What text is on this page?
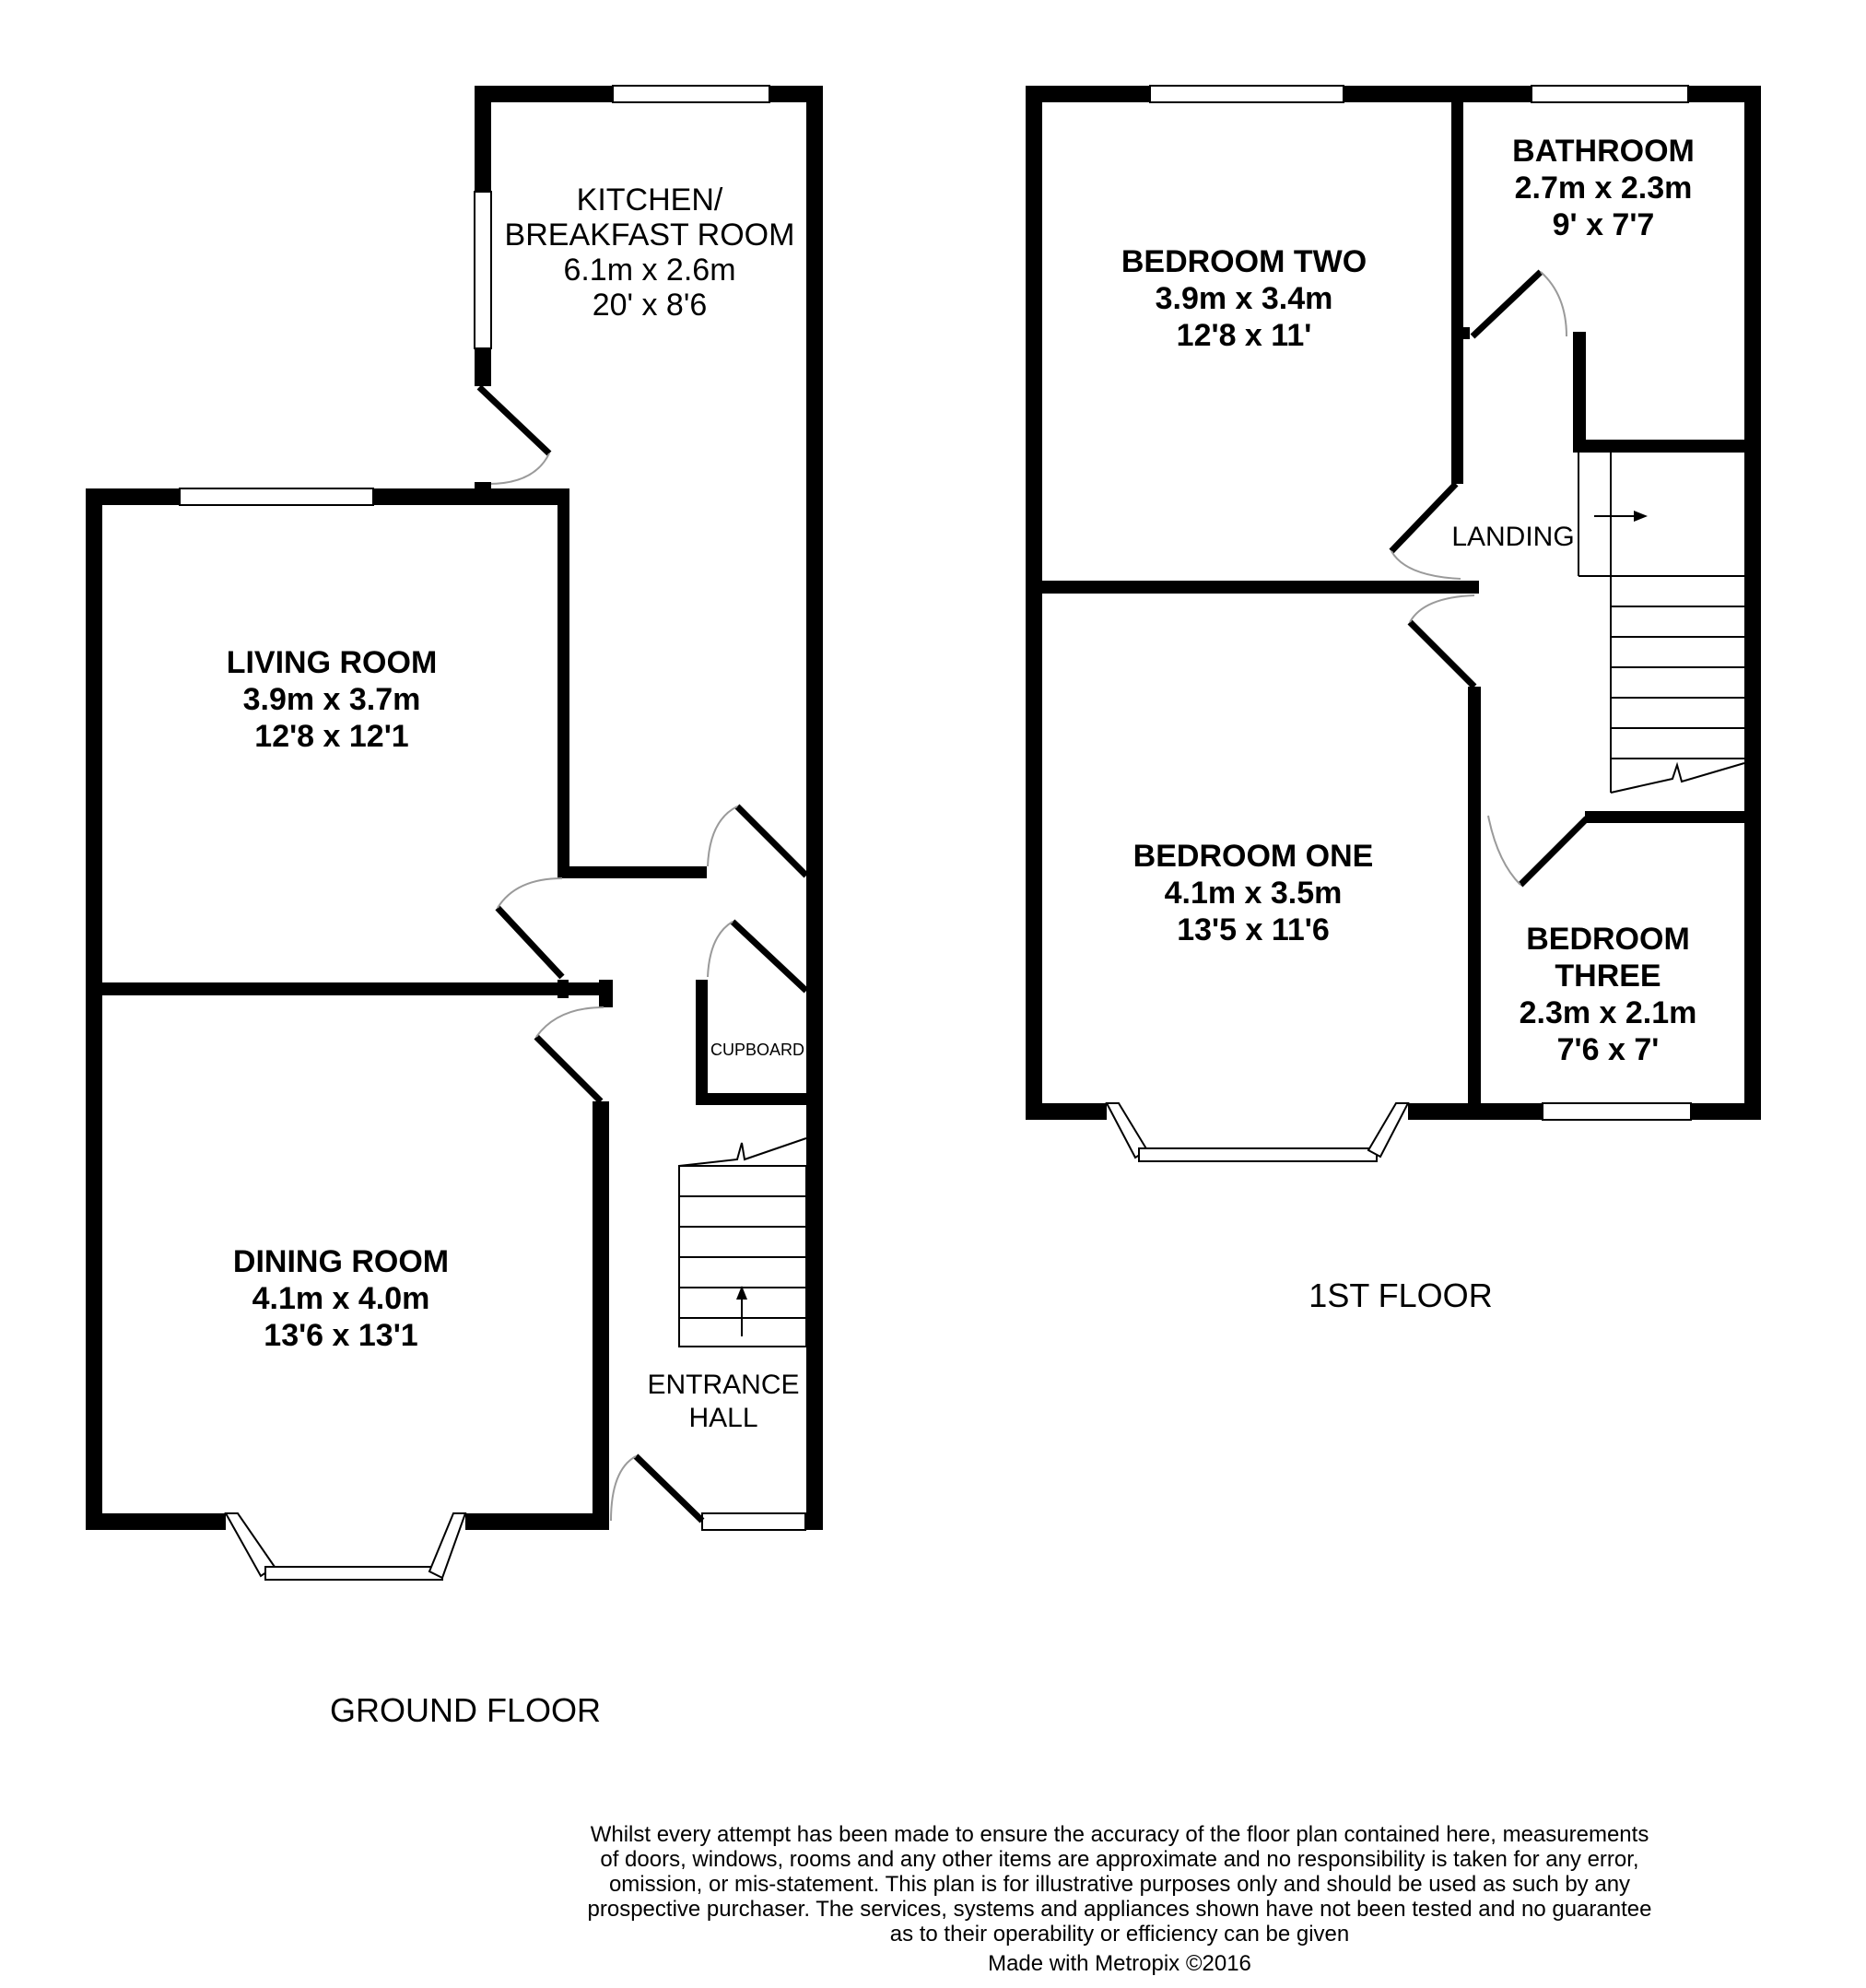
KITCHEN/
BREAKFAST ROOM
6.1m x 2.6m
20' x 8'6
LIVING ROOM
3.9m x 3.7m
12'8 x 12'1
DINING ROOM
4.1m x 4.0m
13'6 x 13'1
ENTRANCE
HALL
CUPBOARD
GROUND FLOOR
BEDROOM TWO
3.9m x 3.4m
12'8 x 11'
BATHROOM
2.7m x 2.3m
9' x 7'7
LANDING
BEDROOM ONE
4.1m x 3.5m
13'5 x 11'6	BEDROOM
THREE
2.3m x 2.1m
7'6 x 7'
1ST FLOOR
Whilst every attempt has been made to ensure the accuracy of the floor plan contained here, measurements
of doors, windows, rooms and any other items are approximate and no responsibility is taken for any error,
omission, or mis-statement. This plan is for illustrative purposes only and should be used as such by any
prospective purchaser. The services, systems and appliances shown have not been tested and no guarantee
as to their operability or efficiency can be given
Made with Metropix ©2016
